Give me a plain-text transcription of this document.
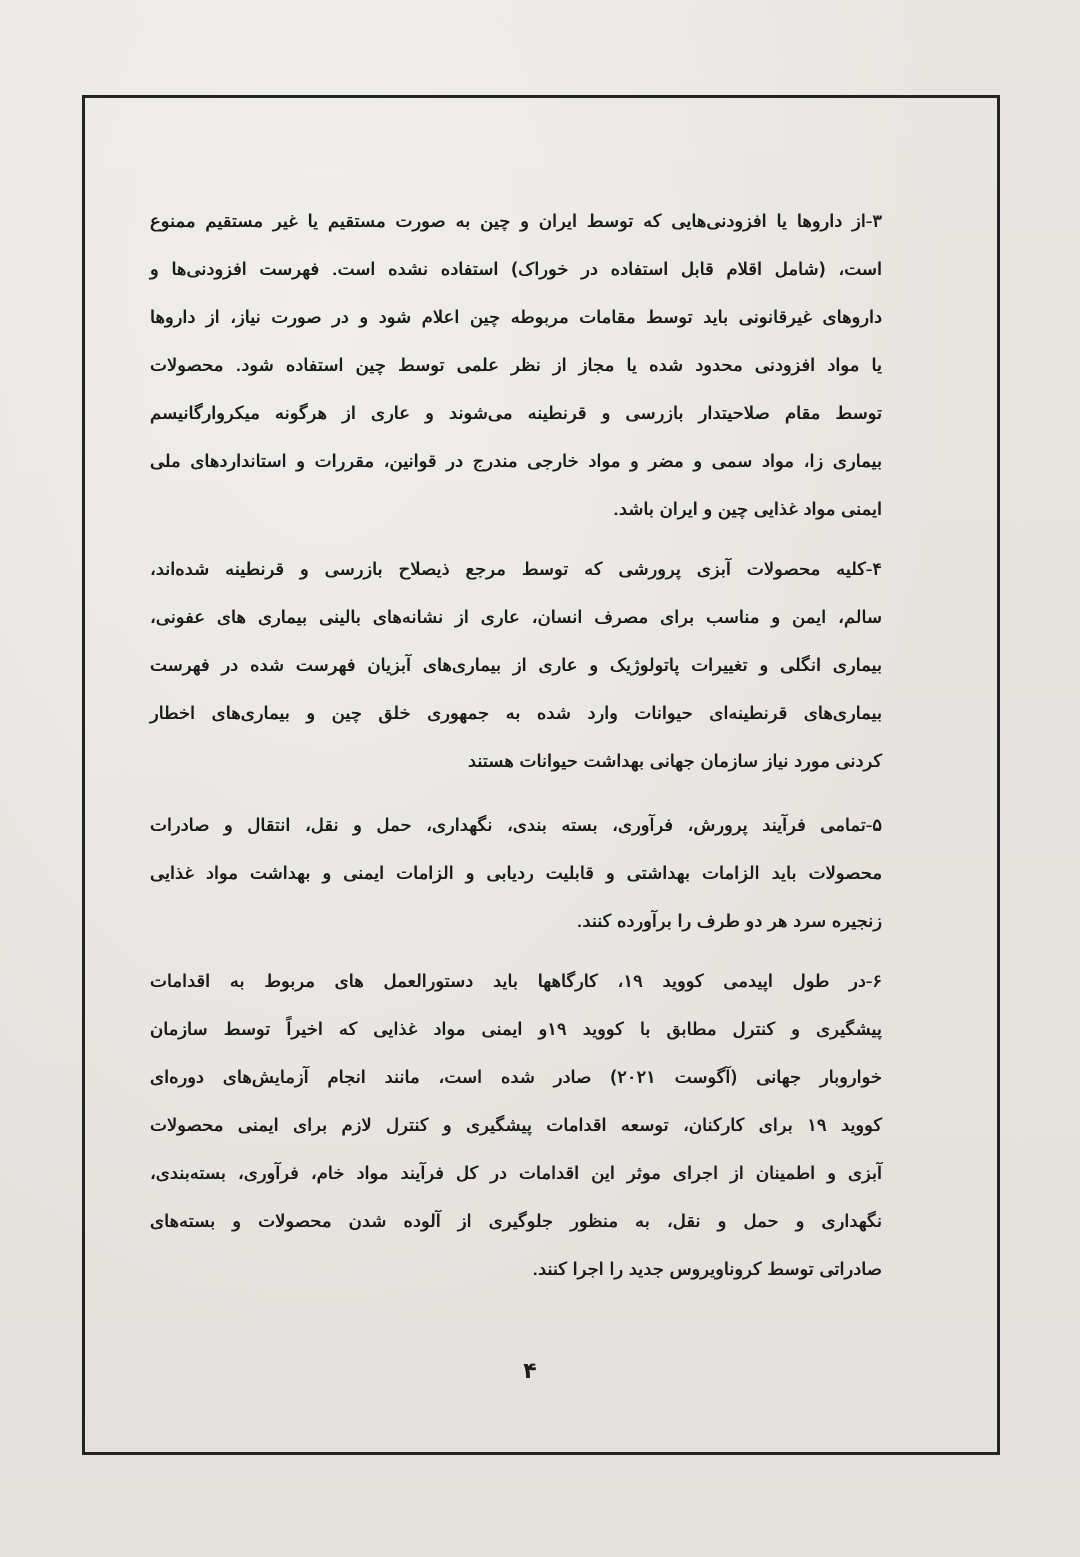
۳-از داروها یا افزودنی‌هایی که توسط ایران و چین به صورت مستقیم یا غیر مستقیم ممنوع
است، (شامل اقلام قابل استفاده در خوراک) استفاده نشده است. فهرست افزودنی‌ها و
داروهای غیرقانونی باید توسط مقامات مربوطه چین اعلام شود و در صورت نیاز، از داروها
یا مواد افزودنی محدود شده یا مجاز از نظر علمی توسط چین استفاده شود. محصولات
توسط مقام صلاحیتدار بازرسی و قرنطینه می‌شوند و عاری از هرگونه میکروارگانیسم
بیماری زا، مواد سمی و مضر و مواد خارجی مندرج در قوانین، مقررات و استانداردهای ملی
ایمنی مواد غذایی چین و ایران باشد.
۴-کلیه محصولات آبزی پرورشی که توسط مرجع ذیصلاح بازرسی و قرنطینه شده‌اند،
سالم، ایمن و مناسب برای مصرف انسان، عاری از نشانه‌های بالینی بیماری های عفونی،
بیماری انگلی و تغییرات پاتولوژیک و عاری از بیماری‌های آبزیان فهرست شده در فهرست
بیماری‌های قرنطینه‌ای حیوانات وارد شده به جمهوری خلق چین و بیماری‌های اخطار
کردنی مورد نیاز سازمان جهانی بهداشت حیوانات هستند
۵-تمامی فرآیند پرورش، فرآوری، بسته بندی، نگهداری، حمل و نقل، انتقال و صادرات
محصولات باید الزامات بهداشتی و قابلیت ردیابی و الزامات ایمنی و بهداشت مواد غذایی
زنجیره سرد هر دو طرف را برآورده کنند.
۶-در طول اپیدمی کووید ۱۹، کارگاهها باید دستورالعمل های مربوط به اقدامات
پیشگیری و کنترل مطابق با کووید ۱۹و ایمنی مواد غذایی که اخیراً توسط سازمان
خواروبار جهانی (آگوست ۲۰۲۱) صادر شده است، مانند انجام آزمایش‌های دوره‌ای
کووید ۱۹ برای کارکنان، توسعه اقدامات پیشگیری و کنترل لازم برای ایمنی محصولات
آبزی و اطمینان از اجرای موثر این اقدامات در کل فرآیند مواد خام، فرآوری، بسته‌بندی،
نگهداری و حمل و نقل، به منظور جلوگیری از آلوده شدن محصولات و بسته‌های
صادراتی توسط کروناویروس جدید را اجرا کنند.
۴
